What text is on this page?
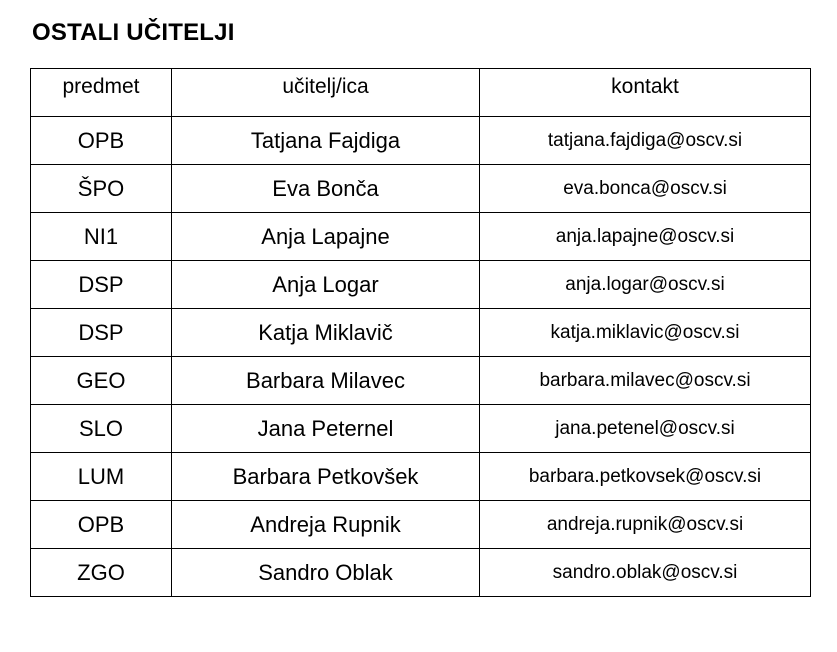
OSTALI UČITELJI
predmet	učitelj/ica	kontakt
OPB	Tatjana Fajdiga	tatjana.fajdiga@oscv.si
ŠPO	Eva Bonča	eva.bonca@oscv.si
NI1	Anja Lapajne	anja.lapajne@oscv.si
DSP	Anja Logar	anja.logar@oscv.si
DSP	Katja Miklavič	katja.miklavic@oscv.si
GEO	Barbara Milavec	barbara.milavec@oscv.si
SLO	Jana Peternel	jana.petenel@oscv.si
LUM	Barbara Petkovšek	barbara.petkovsek@oscv.si
OPB	Andreja Rupnik	andreja.rupnik@oscv.si
ZGO	Sandro Oblak	sandro.oblak@oscv.si
